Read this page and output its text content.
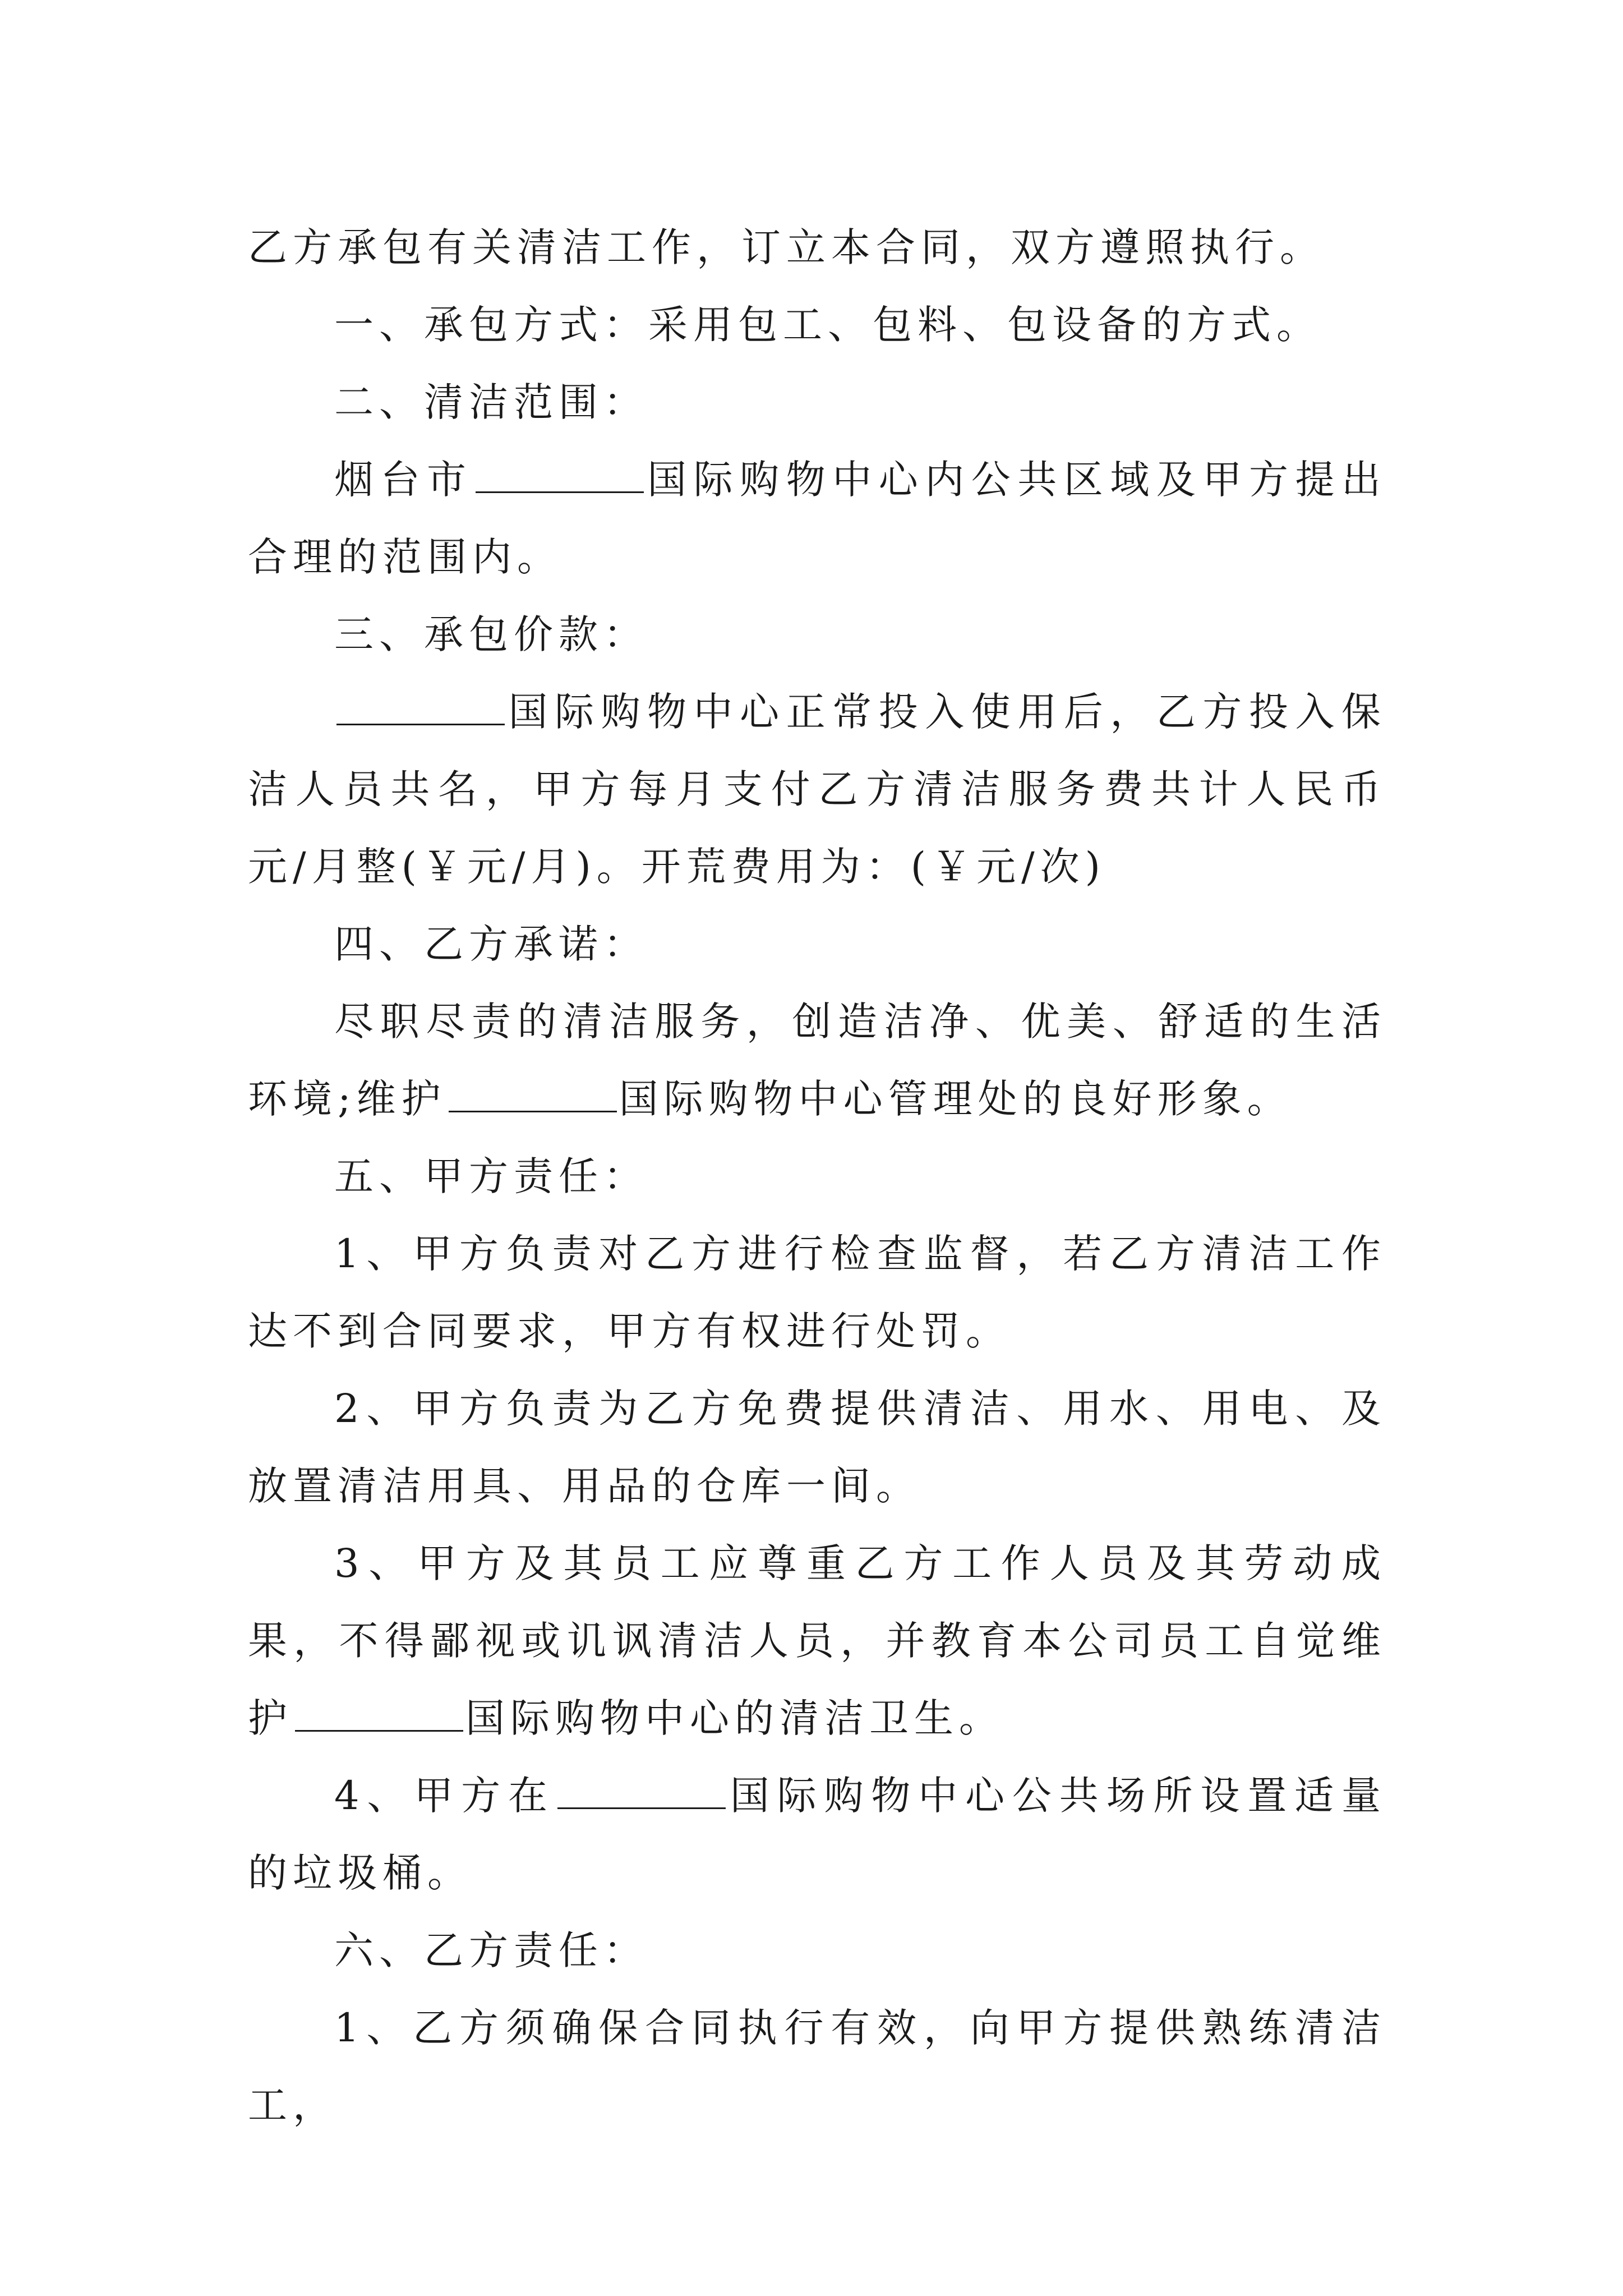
乙方承包有关清洁工作，订立本合同，双方遵照执行。

一、承包方式：采用包工、包料、包设备的方式。

二、清洁范围：

烟台市	国际购物中心内公共区域及甲方提出合理的范围内。

三、承包价款：

国际购物中心正常投入使用后，乙方投入保洁人员共名，甲方每月支付乙方清洁服务费共计人民币元/月整(￥元/月)。开荒费用为：(￥元/次)

四、乙方承诺：

尽职尽责的清洁服务，创造洁净、优美、舒适的生活环境;维护	国际购物中心管理处的良好形象。

五、甲方责任：

1、甲方负责对乙方进行检查监督，若乙方清洁工作达不到合同要求，甲方有权进行处罚。

2、甲方负责为乙方免费提供清洁、用水、用电、及放置清洁用具、用品的仓库一间。

3、甲方及其员工应尊重乙方工作人员及其劳动成果，不得鄙视或讥讽清洁人员，并教育本公司员工自觉维护	国际购物中心的清洁卫生。

4、甲方在	国际购物中心公共场所设置适量的垃圾桶。

六、乙方责任：

1、乙方须确保合同执行有效，向甲方提供熟练清洁工，
